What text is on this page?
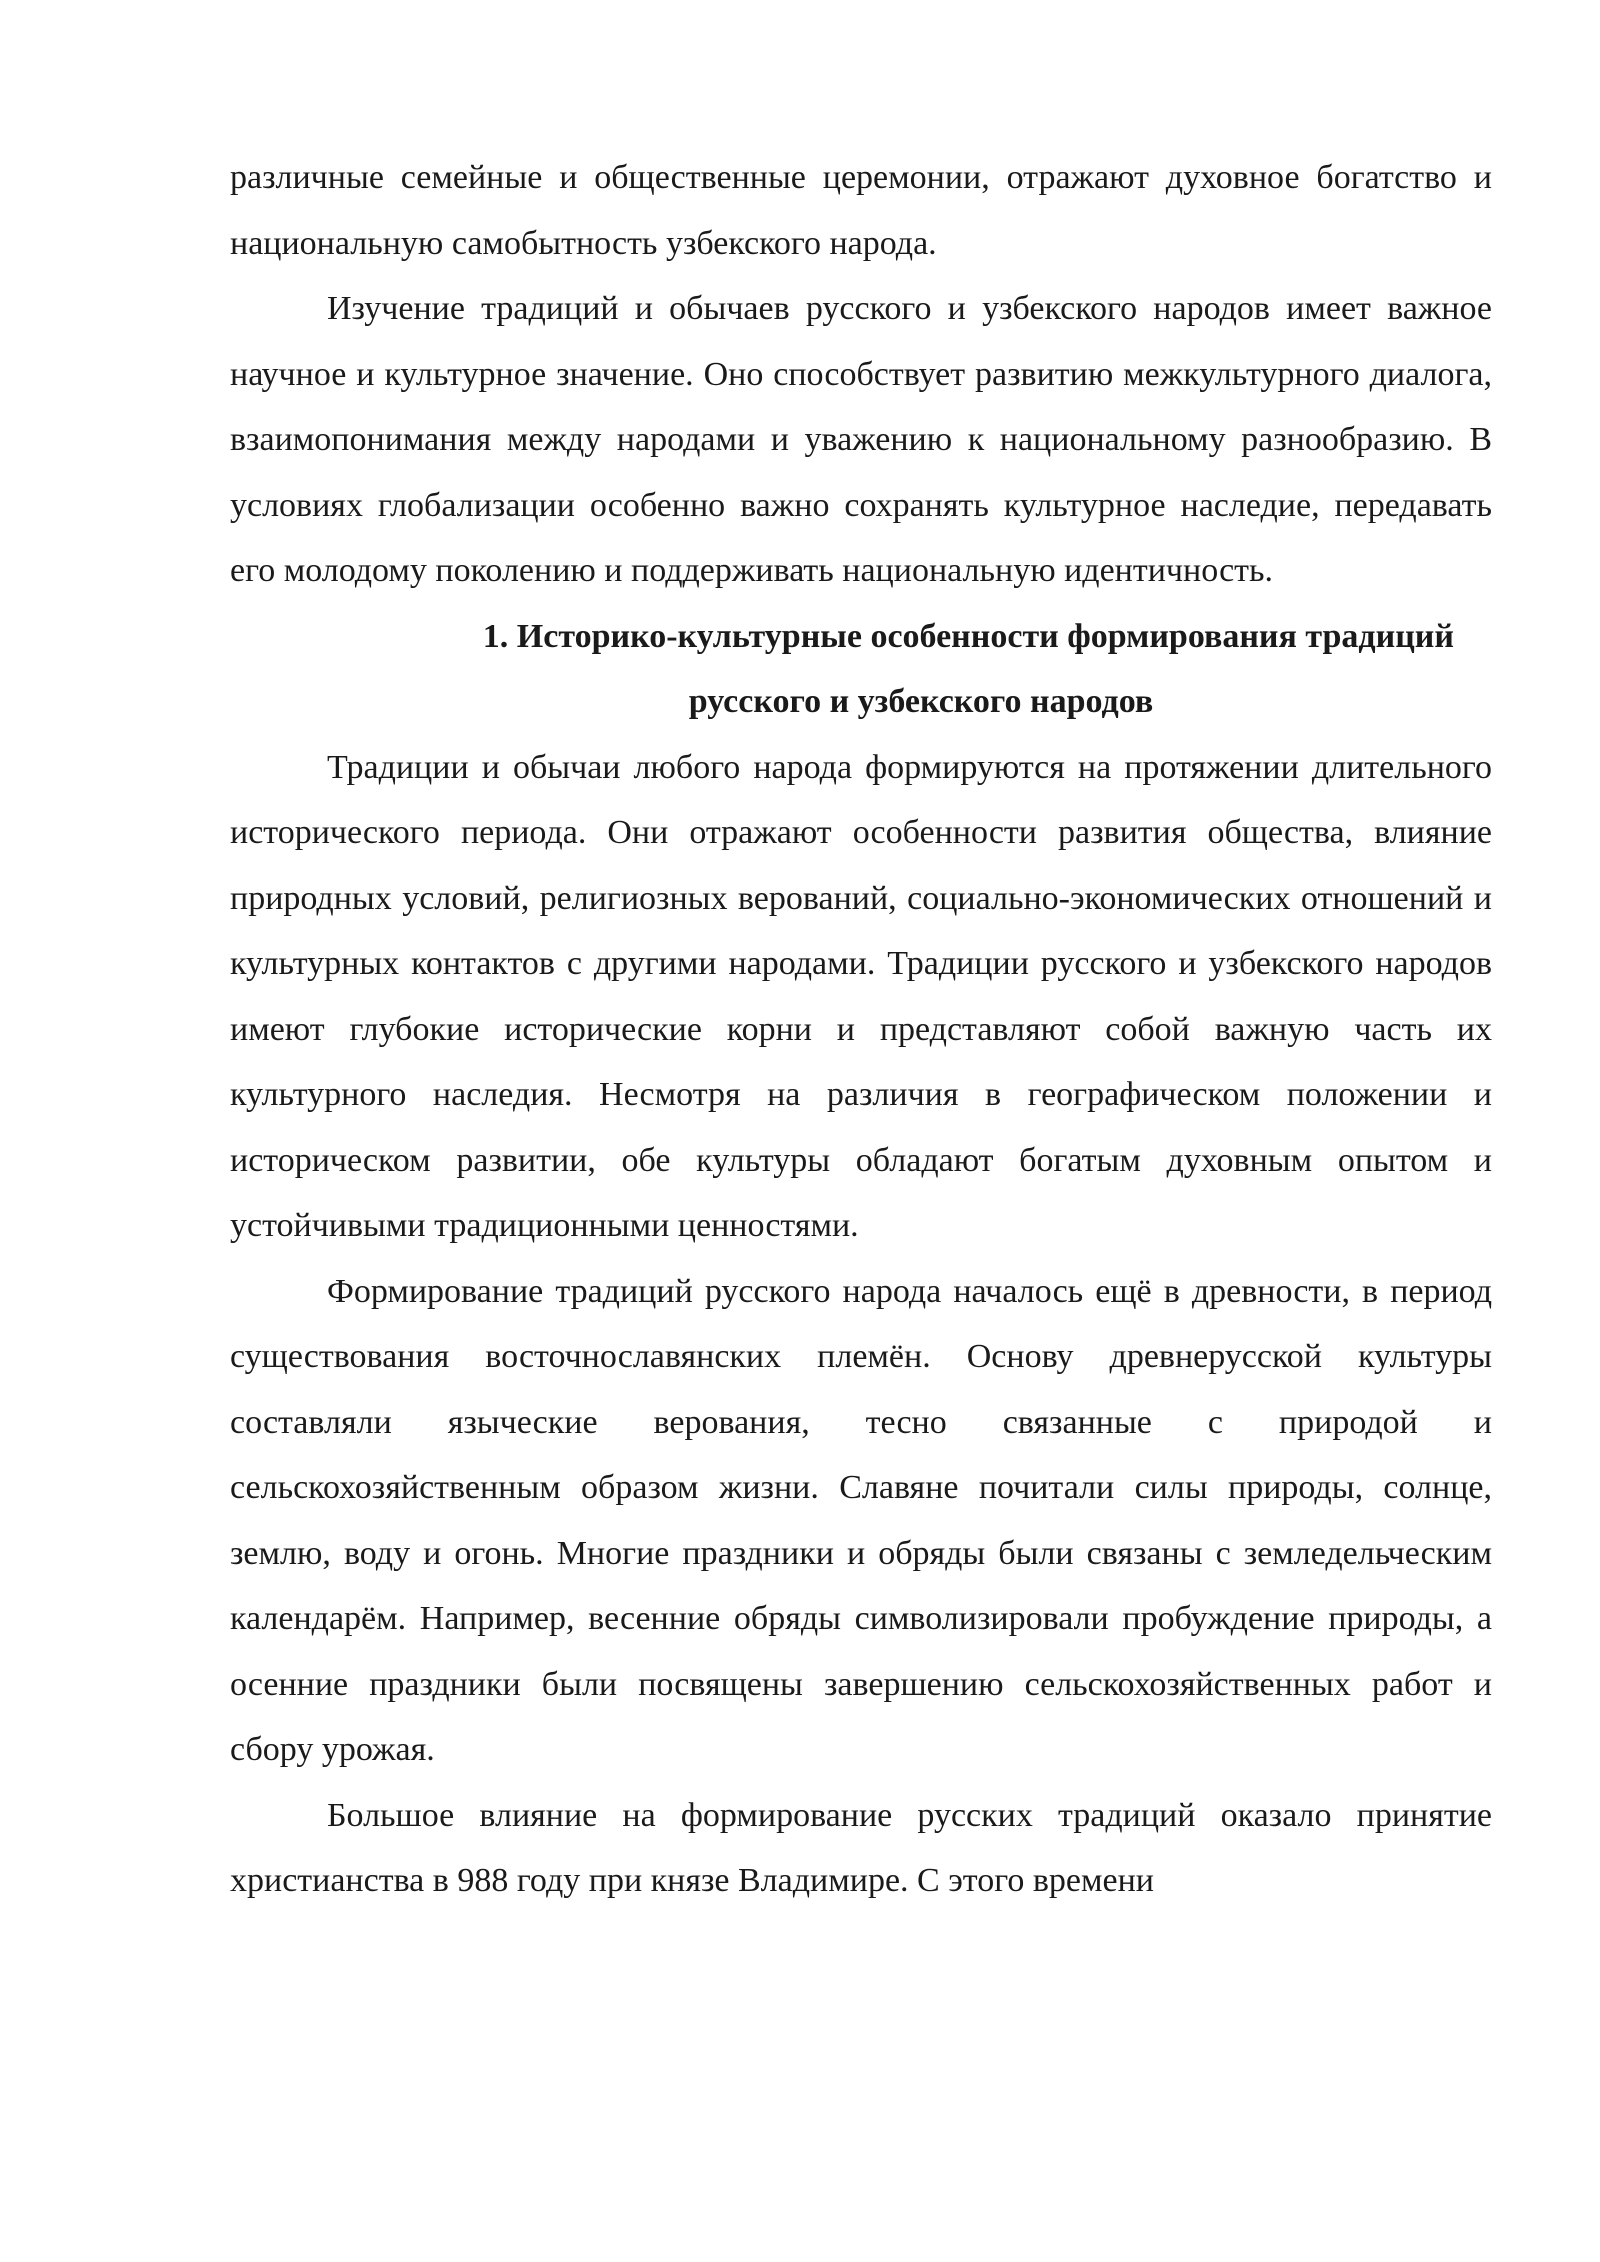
различные семейные и общественные церемонии, отражают духовное богатство и национальную самобытность узбекского народа.

Изучение традиций и обычаев русского и узбекского народов имеет важное научное и культурное значение. Оно способствует развитию межкультурного диалога, взаимопонимания между народами и уважению к национальному разнообразию. В условиях глобализации особенно важно сохранять культурное наследие, передавать его молодому поколению и поддерживать национальную идентичность.

1. Историко-культурные особенности формирования традиций
русского и узбекского народов

Традиции и обычаи любого народа формируются на протяжении длительного исторического периода. Они отражают особенности развития общества, влияние природных условий, религиозных верований, социально-экономических отношений и культурных контактов с другими народами. Традиции русского и узбекского народов имеют глубокие исторические корни и представляют собой важную часть их культурного наследия. Несмотря на различия в географическом положении и историческом развитии, обе культуры обладают богатым духовным опытом и устойчивыми традиционными ценностями.

Формирование традиций русского народа началось ещё в древности, в период существования восточнославянских племён. Основу древнерусской культуры составляли языческие верования, тесно связанные с природой и сельскохозяйственным образом жизни. Славяне почитали силы природы, солнце, землю, воду и огонь. Многие праздники и обряды были связаны с земледельческим календарём. Например, весенние обряды символизировали пробуждение природы, а осенние праздники были посвящены завершению сельскохозяйственных работ и сбору урожая.

Большое влияние на формирование русских традиций оказало принятие христианства в 988 году при князе Владимире. С этого времени
